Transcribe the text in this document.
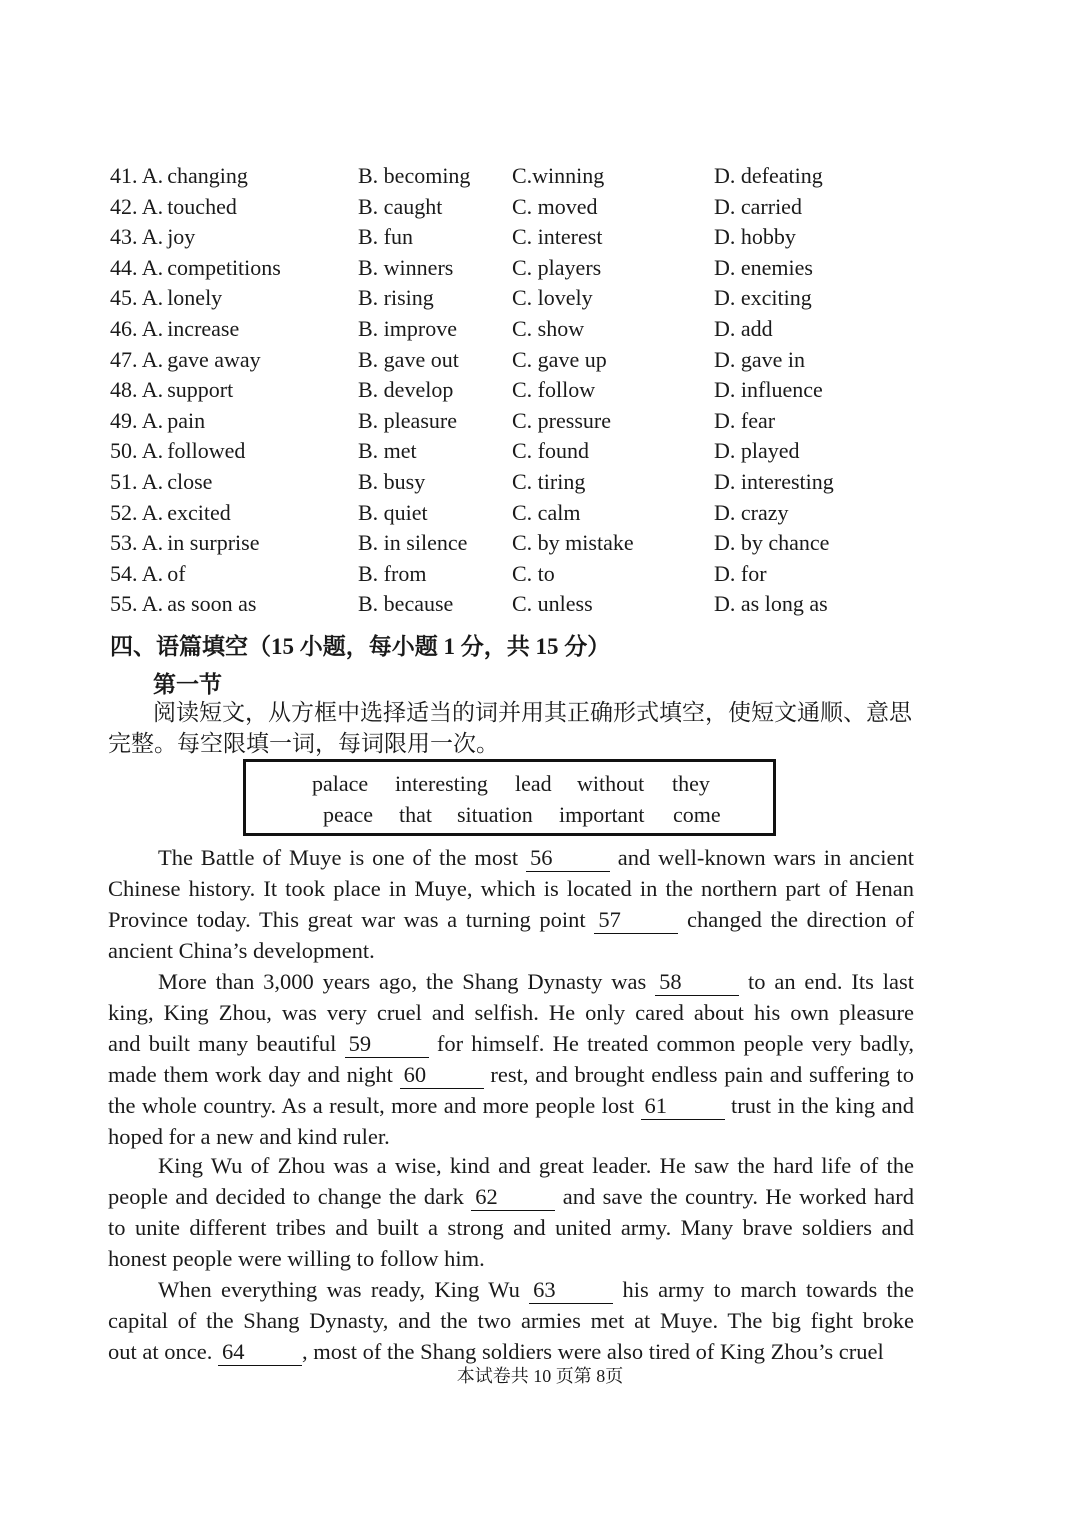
41. A. changing	B. becoming C.winning	D. defeating
42. A. touched	B. caught	C. moved	D. carried
43. A. joy	B. fun	C. interest	D. hobby
44. A. competitions	B. winners	C. players	D. enemies
45. A. lonely	B. rising	C. lovely	D. exciting
46. A. increase	B. improve	C. show	D. add
47. A. gave away	B. gave out C. gave up	D. gave in
48. A. support	B. develop	C. follow	D. influence
49. A. pain	B. pleasure	C. pressure	D. fear
50. A. followed	B. met	C. found	D. played
51. A. close	B. busy	C. tiring	D. interesting
52. A. excited	B. quiet	C. calm	D. crazy
53. A. in surprise	B. in silence C. by mistake	D. by chance
54. A. of	B. from	C. to	D. for
55. A. as soon as	B. because	C. unless	D. as long as
四、语篇填空（15 小题，每小题 1 分，共 15 分）
第一节
阅读短文，从方框中选择适当的词并用其正确形式填空，使短文通顺、意思
完整。每空限填一词，每词限用一次。
palace interesting lead without they
peace that situation important come
The Battle of Muye is one of the most 56	and well-known wars in ancient
Chinese history. It took place in Muye, which is located in the northern part of Henan
Province today. This great war was a turning point 57	changed the direction of
ancient China’s development.
More than 3,000 years ago, the Shang Dynasty was 58	to an end. Its last
king, King Zhou, was very cruel and selfish. He only cared about his own pleasure
and built many beautiful 59	for himself. He treated common people very badly,
made them work day and night 60	rest, and brought endless pain and suffering to
the whole country. As a result, more and more people lost 61	trust in the king and
hoped for a new and kind ruler.
King Wu of Zhou was a wise, kind and great leader. He saw the hard life of the
people and decided to change the dark 62	and save the country. He worked hard
to unite different tribes and built a strong and united army. Many brave soldiers and
honest people were willing to follow him.
When everything was ready, King Wu 63	his army to march towards the
capital of the Shang Dynasty, and the two armies met at Muye. The big fight broke
out at once. 64	, most of the Shang soldiers were also tired of King Zhou’s cruel
本试卷共 10 页第 8页
